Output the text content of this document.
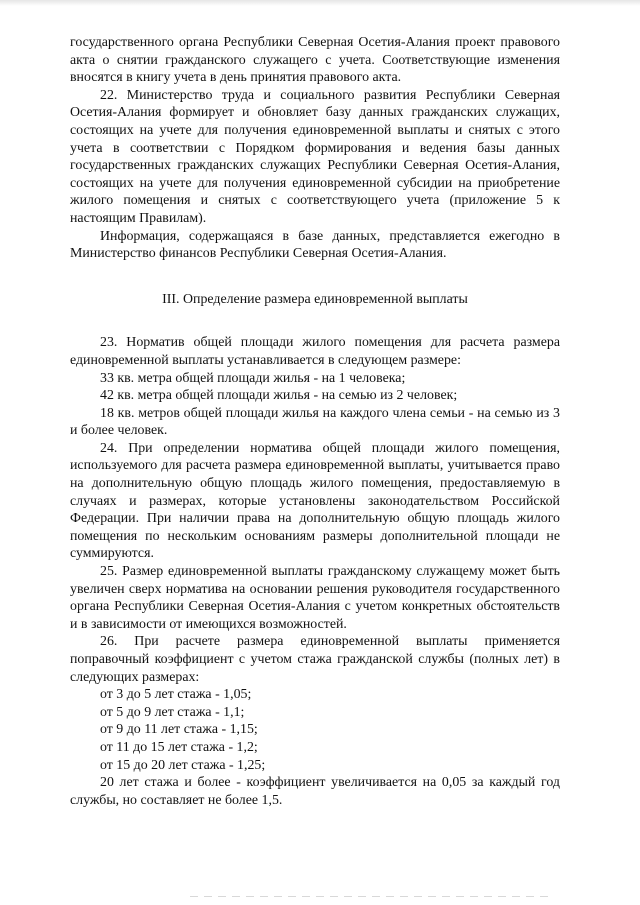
государственного органа Республики Северная Осетия-Алания проект правового акта о снятии гражданского служащего с учета. Соответствующие изменения вносятся в книгу учета в день принятия правового акта.

22. Министерство труда и социального развития Республики Северная Осетия-Алания формирует и обновляет базу данных гражданских служащих, состоящих на учете для получения единовременной выплаты и снятых с этого учета в соответствии с Порядком формирования и ведения базы данных государственных гражданских служащих Республики Северная Осетия-Алания, состоящих на учете для получения единовременной субсидии на приобретение жилого помещения и снятых с соответствующего учета (приложение 5 к настоящим Правилам).

Информация, содержащаяся в базе данных, представляется ежегодно в Министерство финансов Республики Северная Осетия-Алания.

III. Определение размера единовременной выплаты

23. Норматив общей площади жилого помещения для расчета размера единовременной выплаты устанавливается в следующем размере:

33 кв. метра общей площади жилья - на 1 человека;

42 кв. метра общей площади жилья - на семью из 2 человек;

18 кв. метров общей площади жилья на каждого члена семьи - на семью из 3 и более человек.

24. При определении норматива общей площади жилого помещения, используемого для расчета размера единовременной выплаты, учитывается право на дополнительную общую площадь жилого помещения, предоставляемую в случаях и размерах, которые установлены законодательством Российской Федерации. При наличии права на дополнительную общую площадь жилого помещения по нескольким основаниям размеры дополнительной площади не суммируются.

25. Размер единовременной выплаты гражданскому служащему может быть увеличен сверх норматива на основании решения руководителя государственного органа Республики Северная Осетия-Алания с учетом конкретных обстоятельств и в зависимости от имеющихся возможностей.

26. При расчете размера единовременной выплаты применяется поправочный коэффициент с учетом стажа гражданской службы (полных лет) в следующих размерах:

от 3 до 5 лет стажа - 1,05;

от 5 до 9 лет стажа - 1,1;

от 9 до 11 лет стажа - 1,15;

от 11 до 15 лет стажа - 1,2;

от 15 до 20 лет стажа - 1,25;

20 лет стажа и более - коэффициент увеличивается на 0,05 за каждый год службы, но составляет не более 1,5.
